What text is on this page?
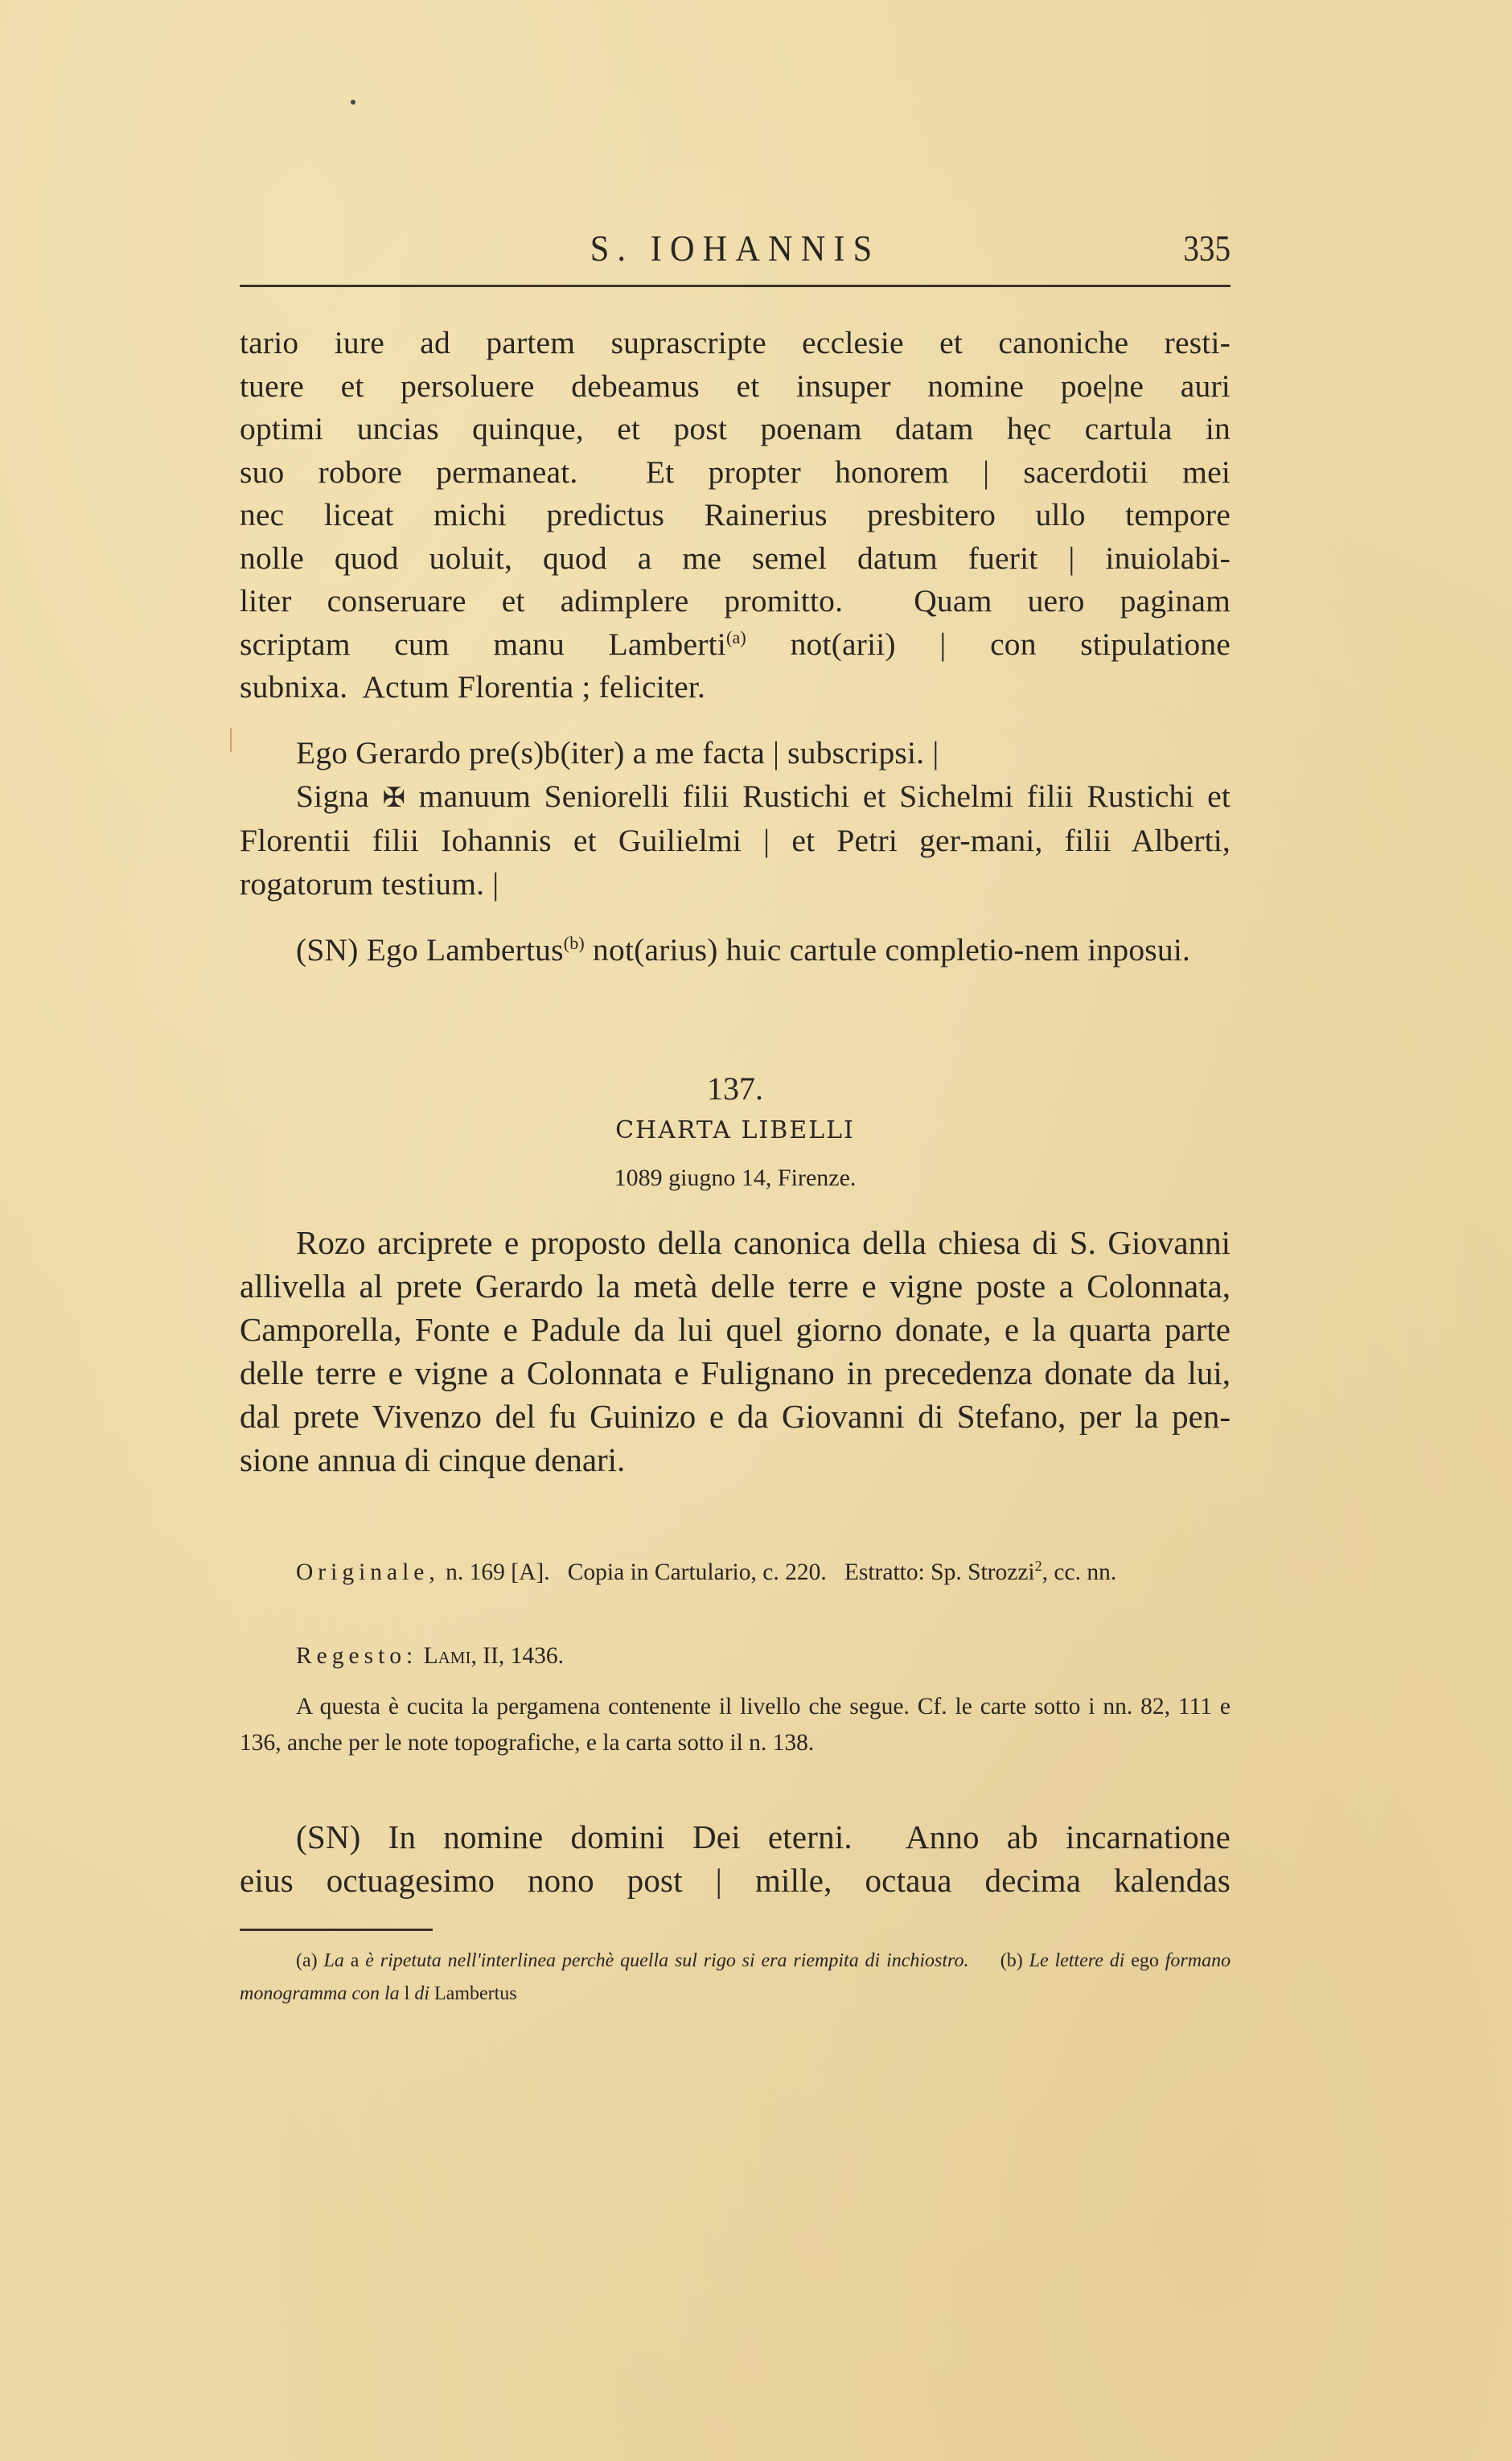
S. IOHANNIS	335

tario iure ad partem suprascripte ecclesie et canoniche resti-

tuere et persoluere debeamus et insuper nomine poe|ne auri

optimi uncias quinque, et post poenam datam hęc cartula in

suo robore permaneat.  Et propter honorem | sacerdotii mei

nec liceat michi predictus Rainerius presbitero ullo tempore

nolle quod uoluit, quod a me semel datum fuerit | inuiolabi-

liter conseruare et adimplere promitto.  Quam uero paginam

scriptam cum manu Lamberti$^{(a)}$ not(arii) | con stipulatione

subnixa.  Actum Florentia ; feliciter.

Ego Gerardo pre(s)b(iter) a me facta | subscripsi. |

Signa ✠ manuum Seniorelli filii Rustichi et Sichelmi filii Rustichi et Florentii filii Iohannis et Guilielmi | et Petri ger-mani, filii Alberti, rogatorum testium. |

(SN) Ego Lambertus$^{(b)}$ not(arius) huic cartule completio-nem inposui.

137.
CHARTA LIBELLI
1089 giugno 14, Firenze.

Rozo arciprete e proposto della canonica della chiesa di S. Giovanni allivella al prete Gerardo la metà delle terre e vigne poste a Colonnata, Camporella, Fonte e Padule da lui quel giorno donate, e la quarta parte delle terre e vigne a Colonnata e Fulignano in precedenza donate da lui, dal prete Vivenzo del fu Guinizo e da Giovanni di Stefano, per la pen-sione annua di cinque denari.

Originale, n. 169 [A].   Copia in Cartulario, c. 220.   Estratto: Sp. Strozzi$^2$, cc. nn.

Regesto: Lami, II, 1436.

A questa è cucita la pergamena contenente il livello che segue. Cf. le carte sotto i nn. 82, 111 e 136, anche per le note topografiche, e la carta sotto il n. 138.

(SN) In nomine domini Dei eterni.  Anno ab incarnatione

eius octuagesimo nono post | mille, octaua decima kalendas

(a) La a è ripetuta nell'interlinea perchè quella sul rigo si era riempita di inchiostro. (b) Le lettere di ego formano monogramma con la l di Lambertus
